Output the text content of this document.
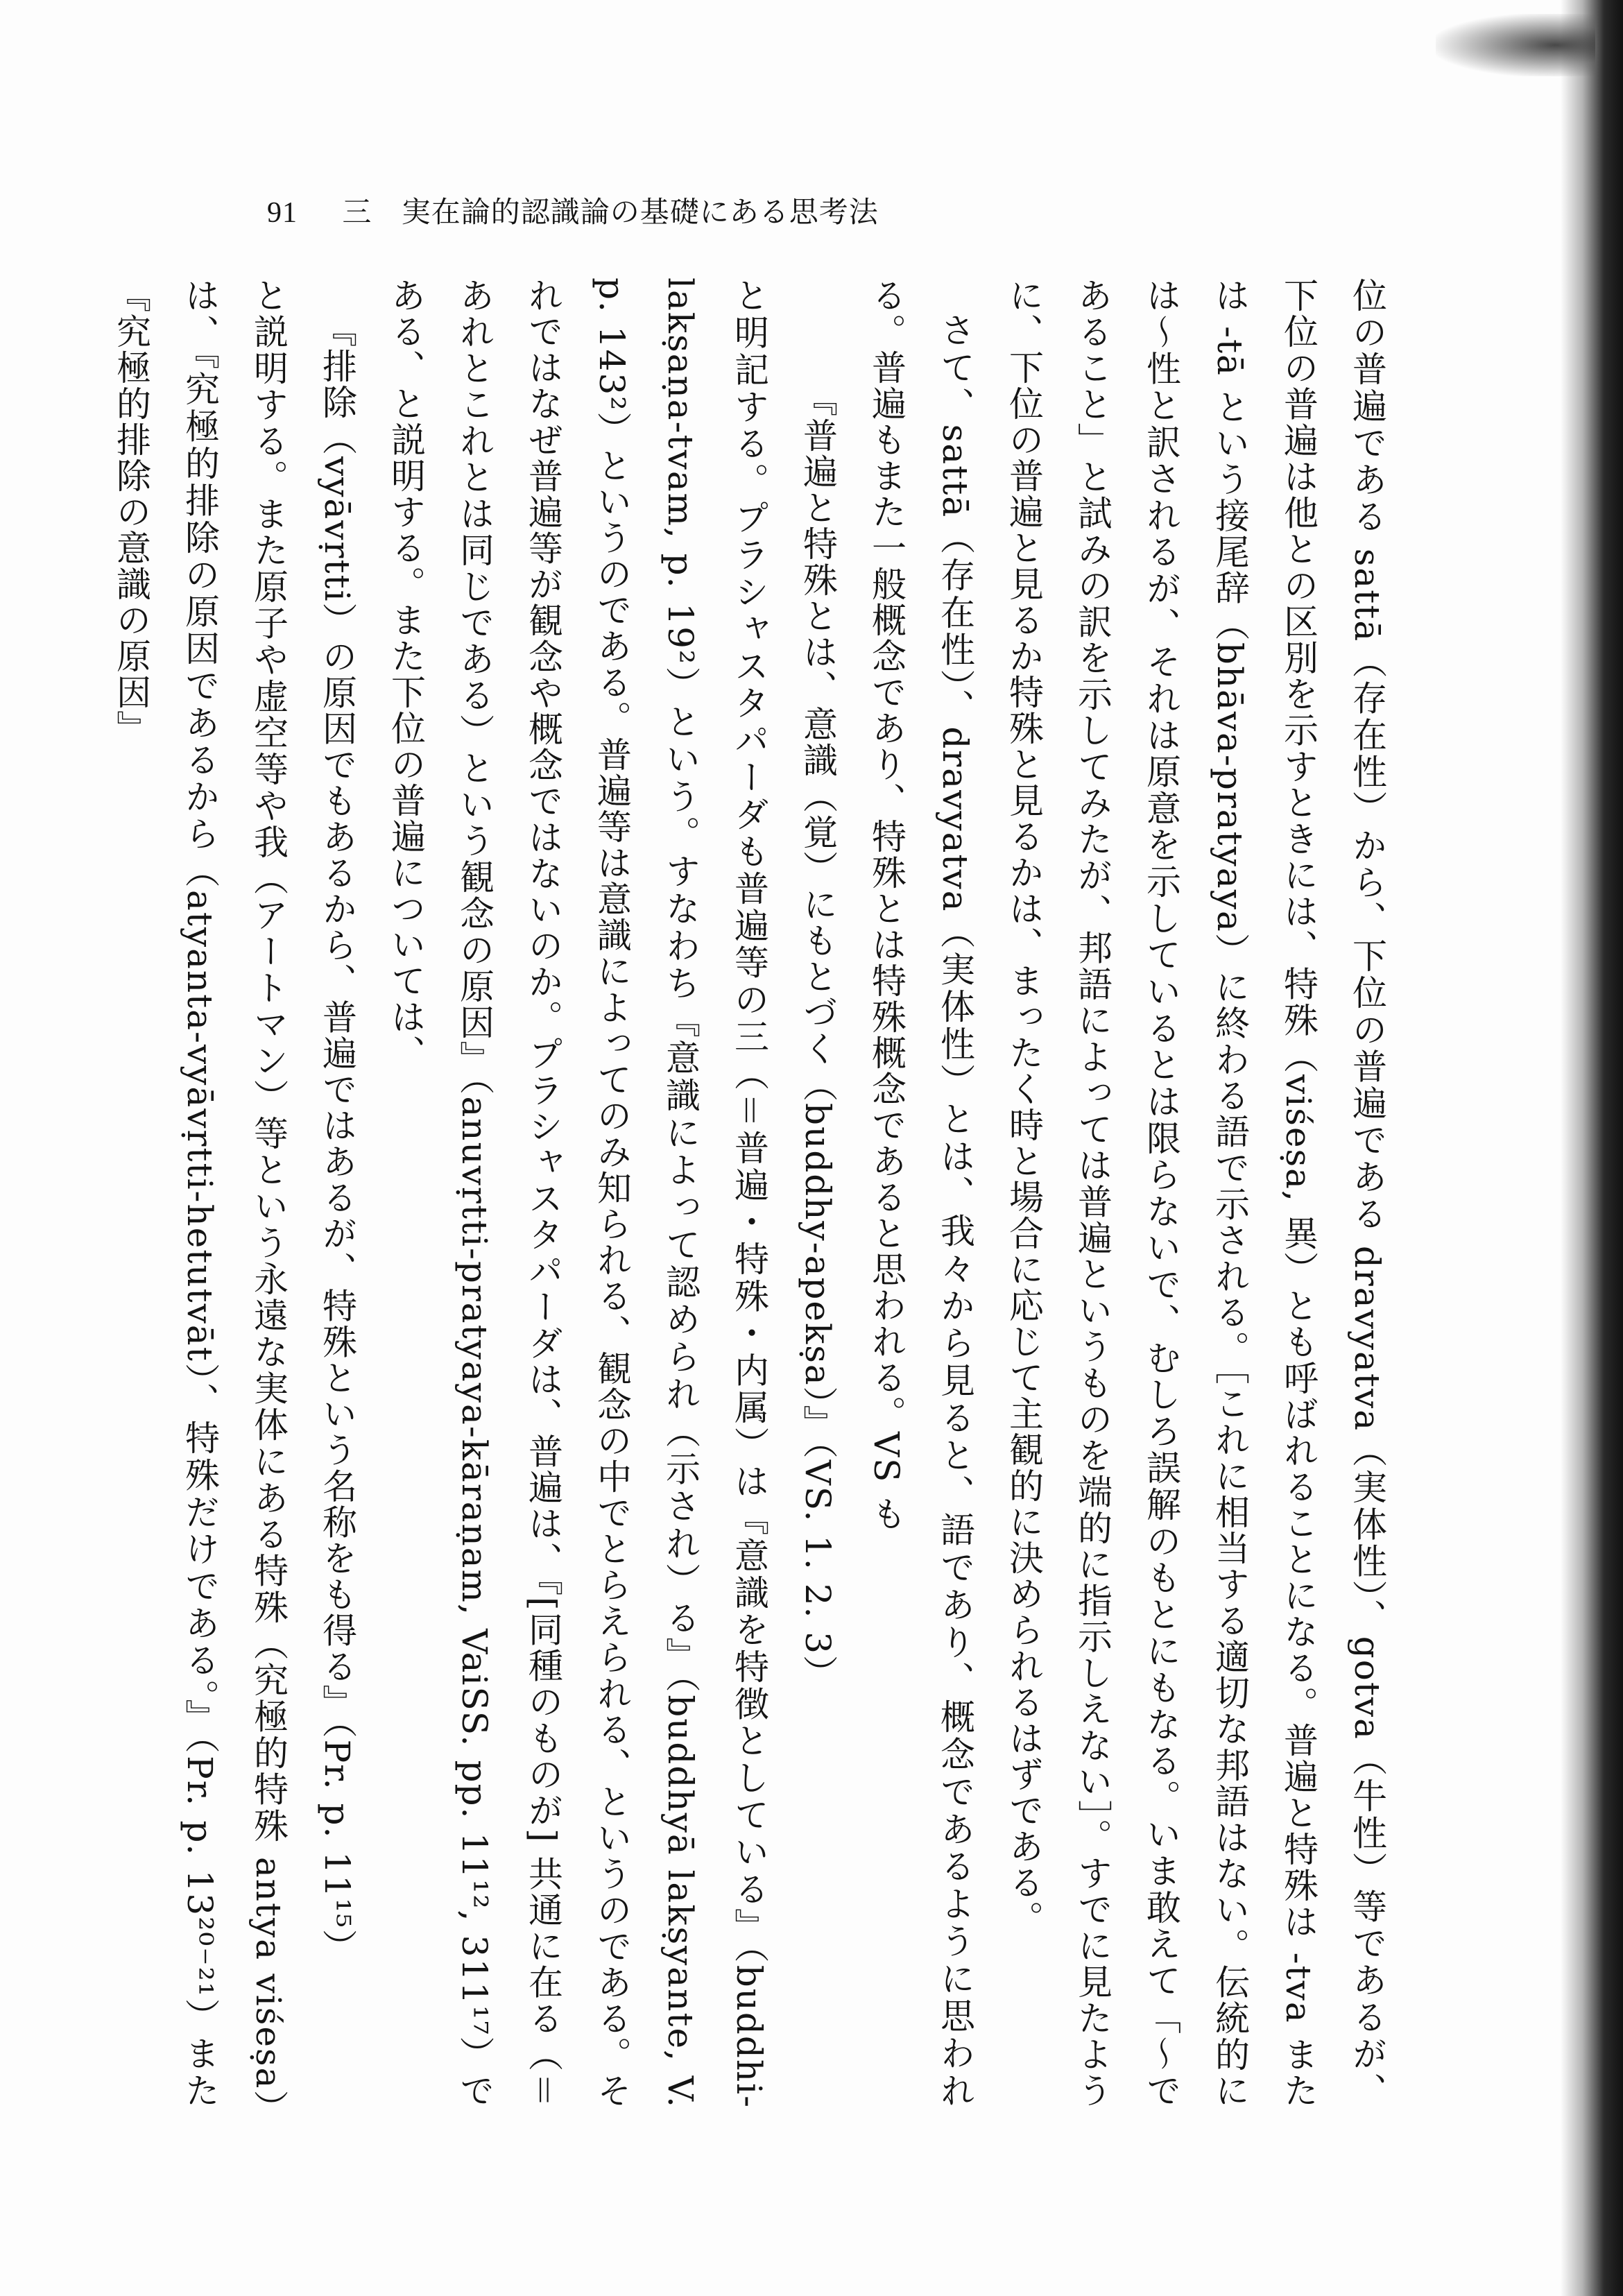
91 三 実在論的認識論の基礎にある思考法

位の普遍である sattā（存在性）から、下位の普遍である dravyatva（実体性）、gotva（牛性）等であるが、下位の普遍は他との区別を示すときには、特殊（viśeṣa, 異）とも呼ばれることになる。普遍と特殊は -tva または -tā という接尾辞（bhāva-pratyaya）に終わる語で示される。［これに相当する適切な邦語はない。伝統的には～性と訳されるが、それは原意を示しているとは限らないで、むしろ誤解のもとにもなる。いま敢えて「～であること」と試みの訳を示してみたが、邦語によっては普遍というものを端的に指示しえない］。すでに見たように、下位の普遍と見るか特殊と見るかは、まったく時と場合に応じて主観的に決められるはずである。

さて、sattā（存在性）、dravyatva（実体性）とは、我々から見ると、語であり、概念であるように思われる。普遍もまた一般概念であり、特殊とは特殊概念であると思われる。VS も

『普遍と特殊とは、意識（覚）にもとづく（buddhy-apekṣa）』（VS. 1. 2. 3）

と明記する。プラシャスタパーダも普遍等の三（＝普遍・特殊・内属）は『意識を特徴としている』（buddhi-lakṣaṇa-tvam, p. 19²）という。すなわち『意識によって認められ（示され）る』（buddhyā lakṣyante, V. p. 143²）というのである。普遍等は意識によってのみ知られる、観念の中でとらえられる、というのである。それではなぜ普遍等が観念や概念ではないのか。プラシャスタパーダは、普遍は、『[同種のものが] 共通に在る（＝あれとこれとは同じである）という観念の原因』（anuvṛtti-pratyaya-kāraṇam, VaiSS. pp. 11¹², 311¹⁷）である、と説明する。また下位の普遍については、

『排除（vyāvṛtti）の原因でもあるから、普遍ではあるが、特殊という名称をも得る』（Pr. p. 11¹⁵）

と説明する。また原子や虚空等や我（アートマン）等という永遠な実体にある特殊（究極的特殊 antya viśeṣa）は、『究極的排除の原因であるから（atyanta-vyāvṛtti-hetutvāt）、特殊だけである。』（Pr. p. 13²⁰⁻²¹）また『究極的排除の意識の原因』
